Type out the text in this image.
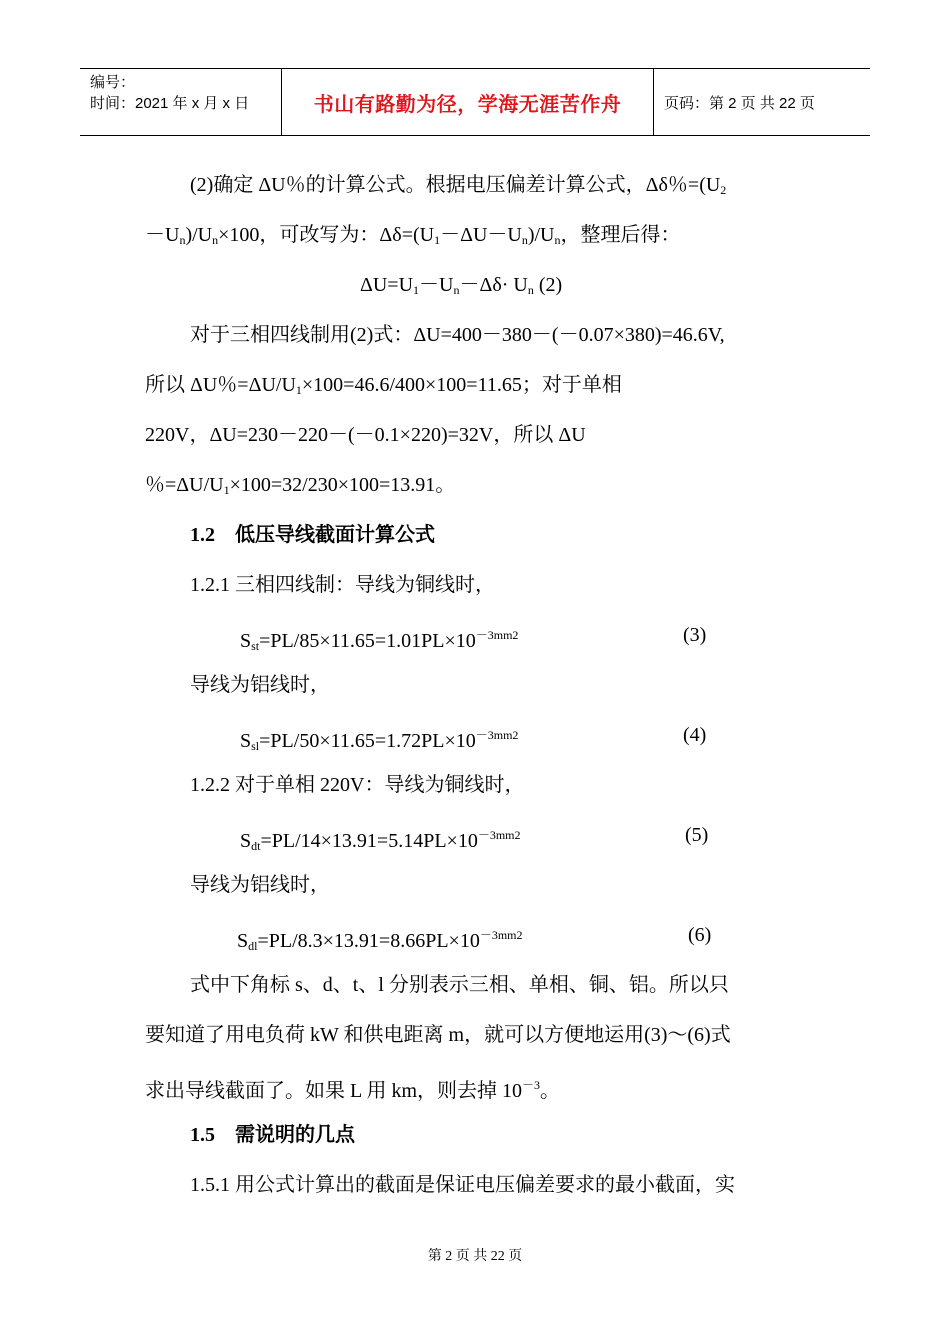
编号：
时间：2021 年 x 月 x 日	书山有路勤为径，学海无涯苦作舟	页码：第 2 页 共 22 页
(2)确定 ΔU％的计算公式。根据电压偏差计算公式，Δδ％$=(U_2$
$-U_n)/U_n\times 100$，可改写为：$\Delta\delta=(U_1-\Delta U-U_n)/U_n$，整理后得：
$\Delta U=U_1-U_n-\Delta\delta\cdot U_n$ (2)
对于三相四线制用(2)式：ΔU=400－380－(－0.07×380)=46.6V,
所以 ΔU％$=\Delta U/U_1\times 100=46.6/400\times 100=11.65$；对于单相
220V，ΔU=230－220－(－0.1×220)=32V，所以 ΔU
％$=\Delta U/U_1\times 100=32/230\times 100=13.91$。
1.2　低压导线截面计算公式
1.2.1 三相四线制：导线为铜线时，
$S_{st}=PL/85\times 11.65=1.01PL\times 10^{-3mm2}$	(3)
导线为铝线时，
$S_{sl}=PL/50\times 11.65=1.72PL\times 10^{-3mm2}$	(4)
1.2.2 对于单相 220V：导线为铜线时，
$S_{dt}=PL/14\times 13.91=5.14PL\times 10^{-3mm2}$	(5)
导线为铝线时，
$S_{dl}=PL/8.3\times 13.91=8.66PL\times 10^{-3mm2}$	(6)
式中下角标 s、d、t、l 分别表示三相、单相、铜、铝。所以只
要知道了用电负荷 kW 和供电距离 m，就可以方便地运用(3)～(6)式
求出导线截面了。如果 L 用 km，则去掉 $10^{-3}$。
1.5　需说明的几点
1.5.1 用公式计算出的截面是保证电压偏差要求的最小截面，实
第 2 页 共 22 页
